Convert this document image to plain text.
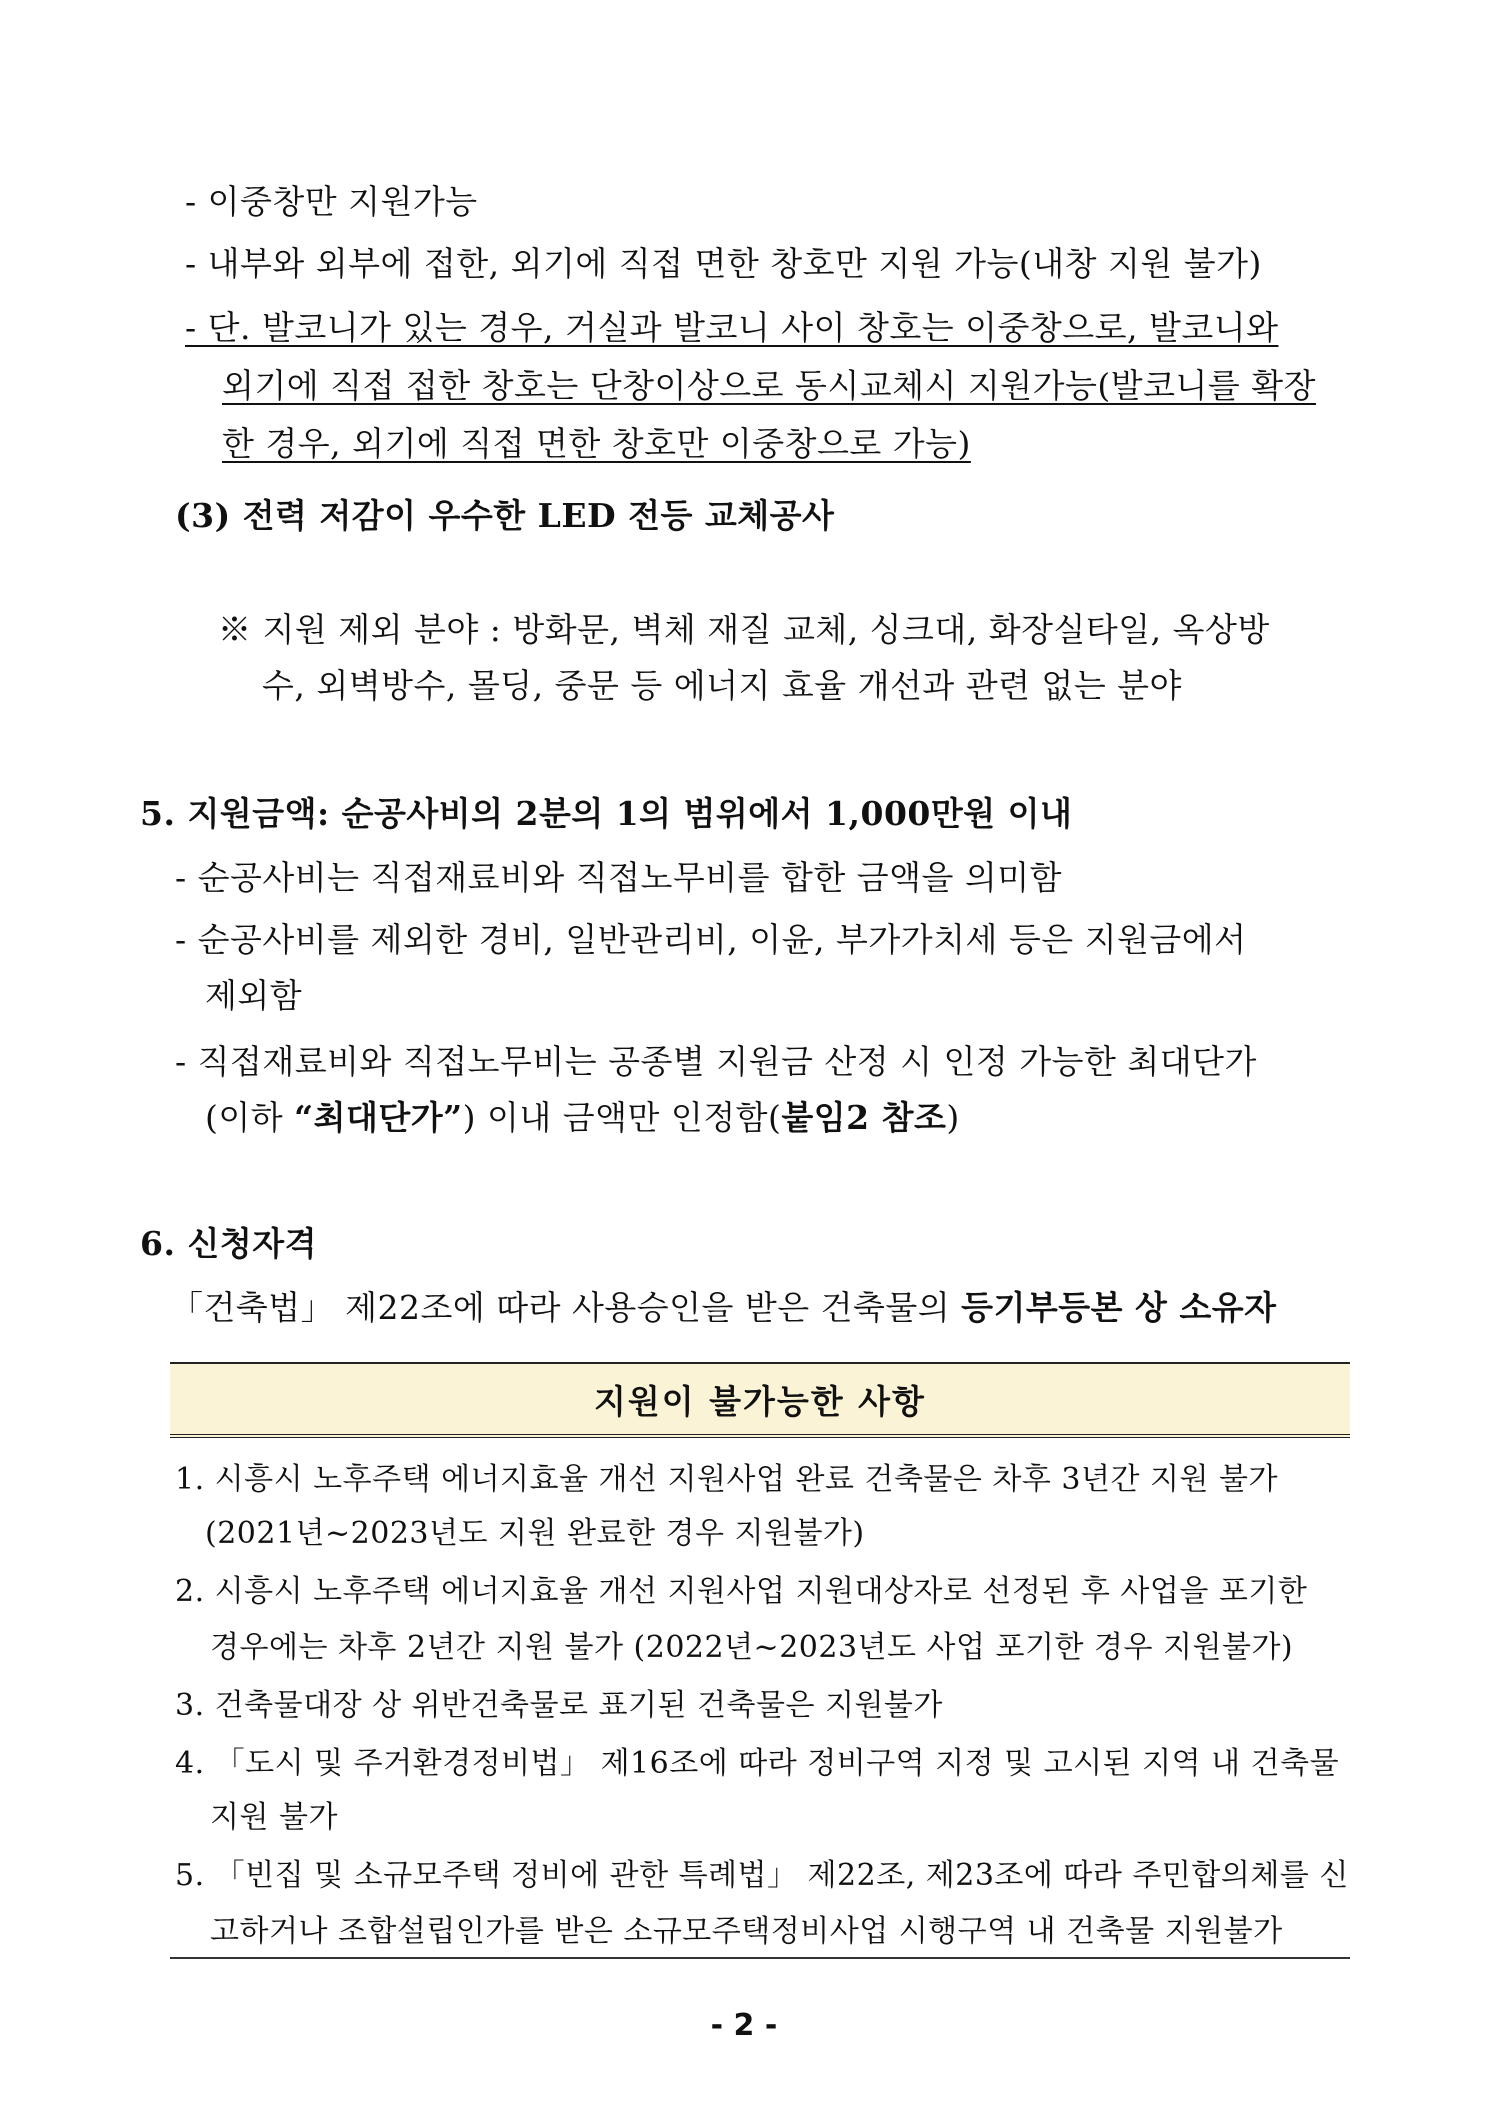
- 이중창만 지원가능
- 내부와 외부에 접한, 외기에 직접 면한 창호만 지원 가능(내창 지원 불가)
- 단. 발코니가 있는 경우, 거실과 발코니 사이 창호는 이중창으로, 발코니와
외기에 직접 접한 창호는 단창이상으로 동시교체시 지원가능(발코니를 확장
한 경우, 외기에 직접 면한 창호만 이중창으로 가능)
(3) 전력 저감이 우수한 LED 전등 교체공사
※ 지원 제외 분야 : 방화문, 벽체 재질 교체, 싱크대, 화장실타일, 옥상방
수, 외벽방수, 몰딩, 중문 등 에너지 효율 개선과 관련 없는 분야
5. 지원금액: 순공사비의 2분의 1의 범위에서 1,000만원 이내
- 순공사비는 직접재료비와 직접노무비를 합한 금액을 의미함
- 순공사비를 제외한 경비, 일반관리비, 이윤, 부가가치세 등은 지원금에서
제외함
- 직접재료비와 직접노무비는 공종별 지원금 산정 시 인정 가능한 최대단가
(이하 “최대단가”) 이내 금액만 인정함(붙임2 참조)
6. 신청자격
「건축법」 제22조에 따라 사용승인을 받은 건축물의 등기부등본 상 소유자
지원이 불가능한 사항
1. 시흥시 노후주택 에너지효율 개선 지원사업 완료 건축물은 차후 3년간 지원 불가
(2021년~2023년도 지원 완료한 경우 지원불가)
2. 시흥시 노후주택 에너지효율 개선 지원사업 지원대상자로 선정된 후 사업을 포기한
경우에는 차후 2년간 지원 불가 (2022년~2023년도 사업 포기한 경우 지원불가)
3. 건축물대장 상 위반건축물로 표기된 건축물은 지원불가
4. 「도시 및 주거환경정비법」 제16조에 따라 정비구역 지정 및 고시된 지역 내 건축물
지원 불가
5. 「빈집 및 소규모주택 정비에 관한 특례법」 제22조, 제23조에 따라 주민합의체를 신
고하거나 조합설립인가를 받은 소규모주택정비사업 시행구역 내 건축물 지원불가
- 2 -
